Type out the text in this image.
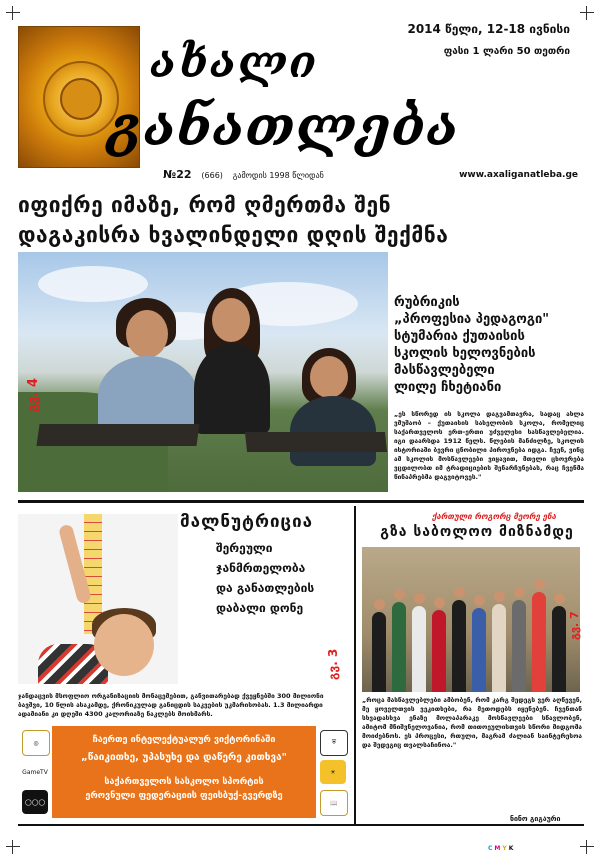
ახალი
განათლება
2014 წელი, 12-18 ივნისი
ფასი 1 ლარი 50 თეთრი
№22 (666) გამოდის 1998 წლიდან	www.axaliganatleba.ge
იფიქრე იმაზე, რომ ღმერთმა შენ
დაგაკისრა ხვალინდელი დღის შექმნა
გვ. 4
რუბრიკის
„პროფესია პედაგოგი"
სტუმარია ქუთაისის
სკოლის ხელოვნების
მასწავლებელი
ლილე ჩხეტიანი
„ეს სწორედ ის სკოლა დაგვამთავრა, სადაც ახლა ვმუშაობ – ქუთაისის სახელობის სკოლა, რომელიც საქართველოს ერთ-ერთი უძველესი სასწავლებელია. იგი დაარსდა 1912 წელს. წლების მანძილზე, სკოლის ისტორიაში ბევრი ცნობილი პიროვნება იდგა. ჩვენ, ვინც ამ სკოლის მოსწავლეები ვიყავით, მთელი ცხოვრება ვცდილობთ იმ ტრადიციების შენარჩუნებას, რაც ჩვენმა წინაპრებმა დაგვიტოვეს."
მალნუტრიცია
შერეული
ჯანმრთელობა
და განათლების
დაბალი დონე
ჯანდაცვის მსოფლიო ორგანიზაციის მონაცემებით, განვითარებად ქვეყნებში 300 მილიონი ბავშვი, 10 წლის ასაკამდე, ქრონიკულად განიცდის საკვების უკმარისობას. 1.3 მილიარდი ადამიანი კი დღეში 4300 კალორიაზე ნაკლებს მოიხმარს.
გვ. 3
◎
GameTV
◯◯◯
ჩაერთე ინტელექტუალურ ვიქტორინაში
„წაიკითხე, უპასუხე და დაწერე კითხვა"
საქართველოს სასკოლო სპორტის
ეროვნული ფედერაციის ფეისბუქ-გვერდზე
⛨
☀
📖
ქართული როგორც მეორე ენა
გზა საბოლოო მიზნამდე
გვ. 7
„როცა მასწავლებლები ამბობენ, რომ კარგ შედეგს ვერ აღწევენ, მე ყოველთვის ვეკითხები, რა მეთოდებს იყენებენ. ჩვენთან სხვადასხვა ენაზე მოლაპარაკე მოსწავლეები სწავლობენ, ამიტომ მნიშვნელოვანია, რომ თითოეულისთვის სწორი მიდგომა მოიძებნოს. ეს პროცესი, რთული, მაგრამ ძალიან საინტერესოა და შედეგიც თვალსაჩინოა."
ნინო გიგაური
CMYK
